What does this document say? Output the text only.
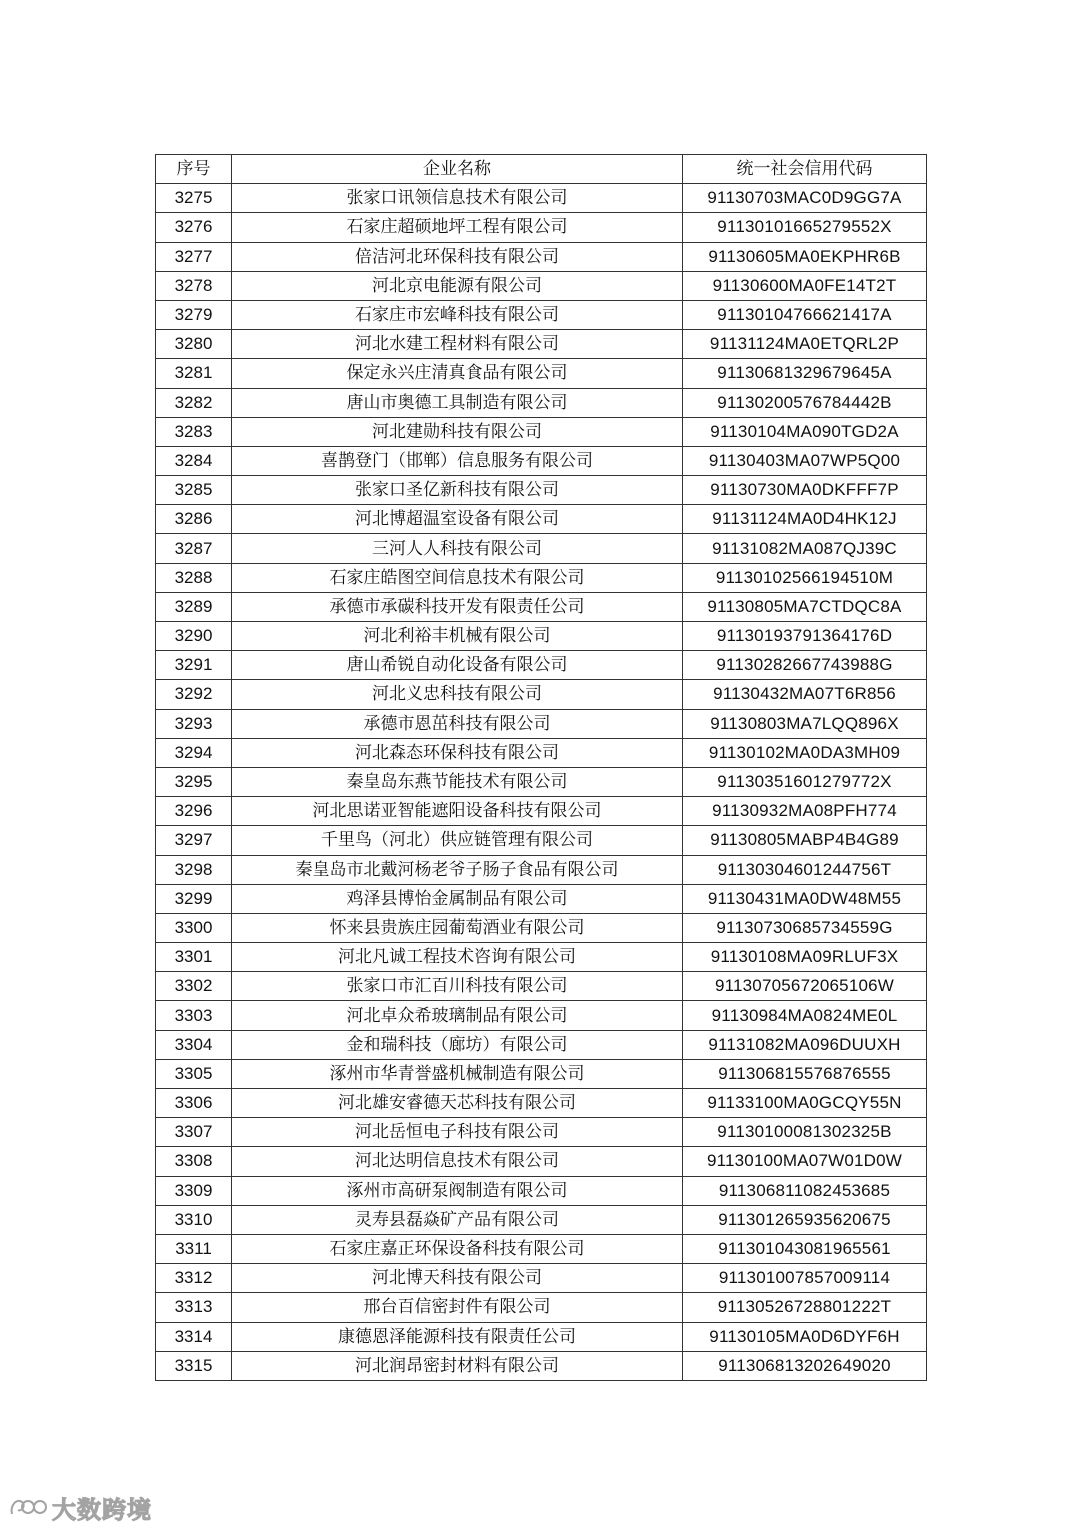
序号	企业名称	统一社会信用代码
3275	张家口讯领信息技术有限公司	91130703MAC0D9GG7A
3276	石家庄超硕地坪工程有限公司	91130101665279552X
3277	倍洁河北环保科技有限公司	91130605MA0EKPHR6B
3278	河北京电能源有限公司	91130600MA0FE14T2T
3279	石家庄市宏峰科技有限公司	91130104766621417A
3280	河北水建工程材料有限公司	91131124MA0ETQRL2P
3281	保定永兴庄清真食品有限公司	91130681329679645A
3282	唐山市奥德工具制造有限公司	91130200576784442B
3283	河北建勋科技有限公司	91130104MA090TGD2A
3284	喜鹊登门（邯郸）信息服务有限公司	91130403MA07WP5Q00
3285	张家口圣亿新科技有限公司	91130730MA0DKFFF7P
3286	河北博超温室设备有限公司	91131124MA0D4HK12J
3287	三河人人科技有限公司	91131082MA087QJ39C
3288	石家庄皓图空间信息技术有限公司	91130102566194510M
3289	承德市承碳科技开发有限责任公司	91130805MA7CTDQC8A
3290	河北利裕丰机械有限公司	91130193791364176D
3291	唐山希锐自动化设备有限公司	91130282667743988G
3292	河北义忠科技有限公司	91130432MA07T6R856
3293	承德市恩茁科技有限公司	91130803MA7LQQ896X
3294	河北森态环保科技有限公司	91130102MA0DA3MH09
3295	秦皇岛东燕节能技术有限公司	91130351601279772X
3296	河北思诺亚智能遮阳设备科技有限公司	91130932MA08PFH774
3297	千里鸟（河北）供应链管理有限公司	91130805MABP4B4G89
3298	秦皇岛市北戴河杨老爷子肠子食品有限公司	91130304601244756T
3299	鸡泽县博怡金属制品有限公司	91130431MA0DW48M55
3300	怀来县贵族庄园葡萄酒业有限公司	91130730685734559G
3301	河北凡诚工程技术咨询有限公司	91130108MA09RLUF3X
3302	张家口市汇百川科技有限公司	91130705672065106W
3303	河北卓众希玻璃制品有限公司	91130984MA0824ME0L
3304	金和瑞科技（廊坊）有限公司	91131082MA096DUUXH
3305	涿州市华青誉盛机械制造有限公司	911306815576876555
3306	河北雄安睿德天芯科技有限公司	91133100MA0GCQY55N
3307	河北岳恒电子科技有限公司	91130100081302325B
3308	河北达明信息技术有限公司	91130100MA07W01D0W
3309	涿州市高研泵阀制造有限公司	911306811082453685
3310	灵寿县磊焱矿产品有限公司	911301265935620675
3311	石家庄嘉正环保设备科技有限公司	911301043081965561
3312	河北博天科技有限公司	911301007857009114
3313	邢台百信密封件有限公司	91130526728801222T
3314	康德恩泽能源科技有限责任公司	91130105MA0D6DYF6H
3315	河北润昂密封材料有限公司	911306813202649020
大数跨境
